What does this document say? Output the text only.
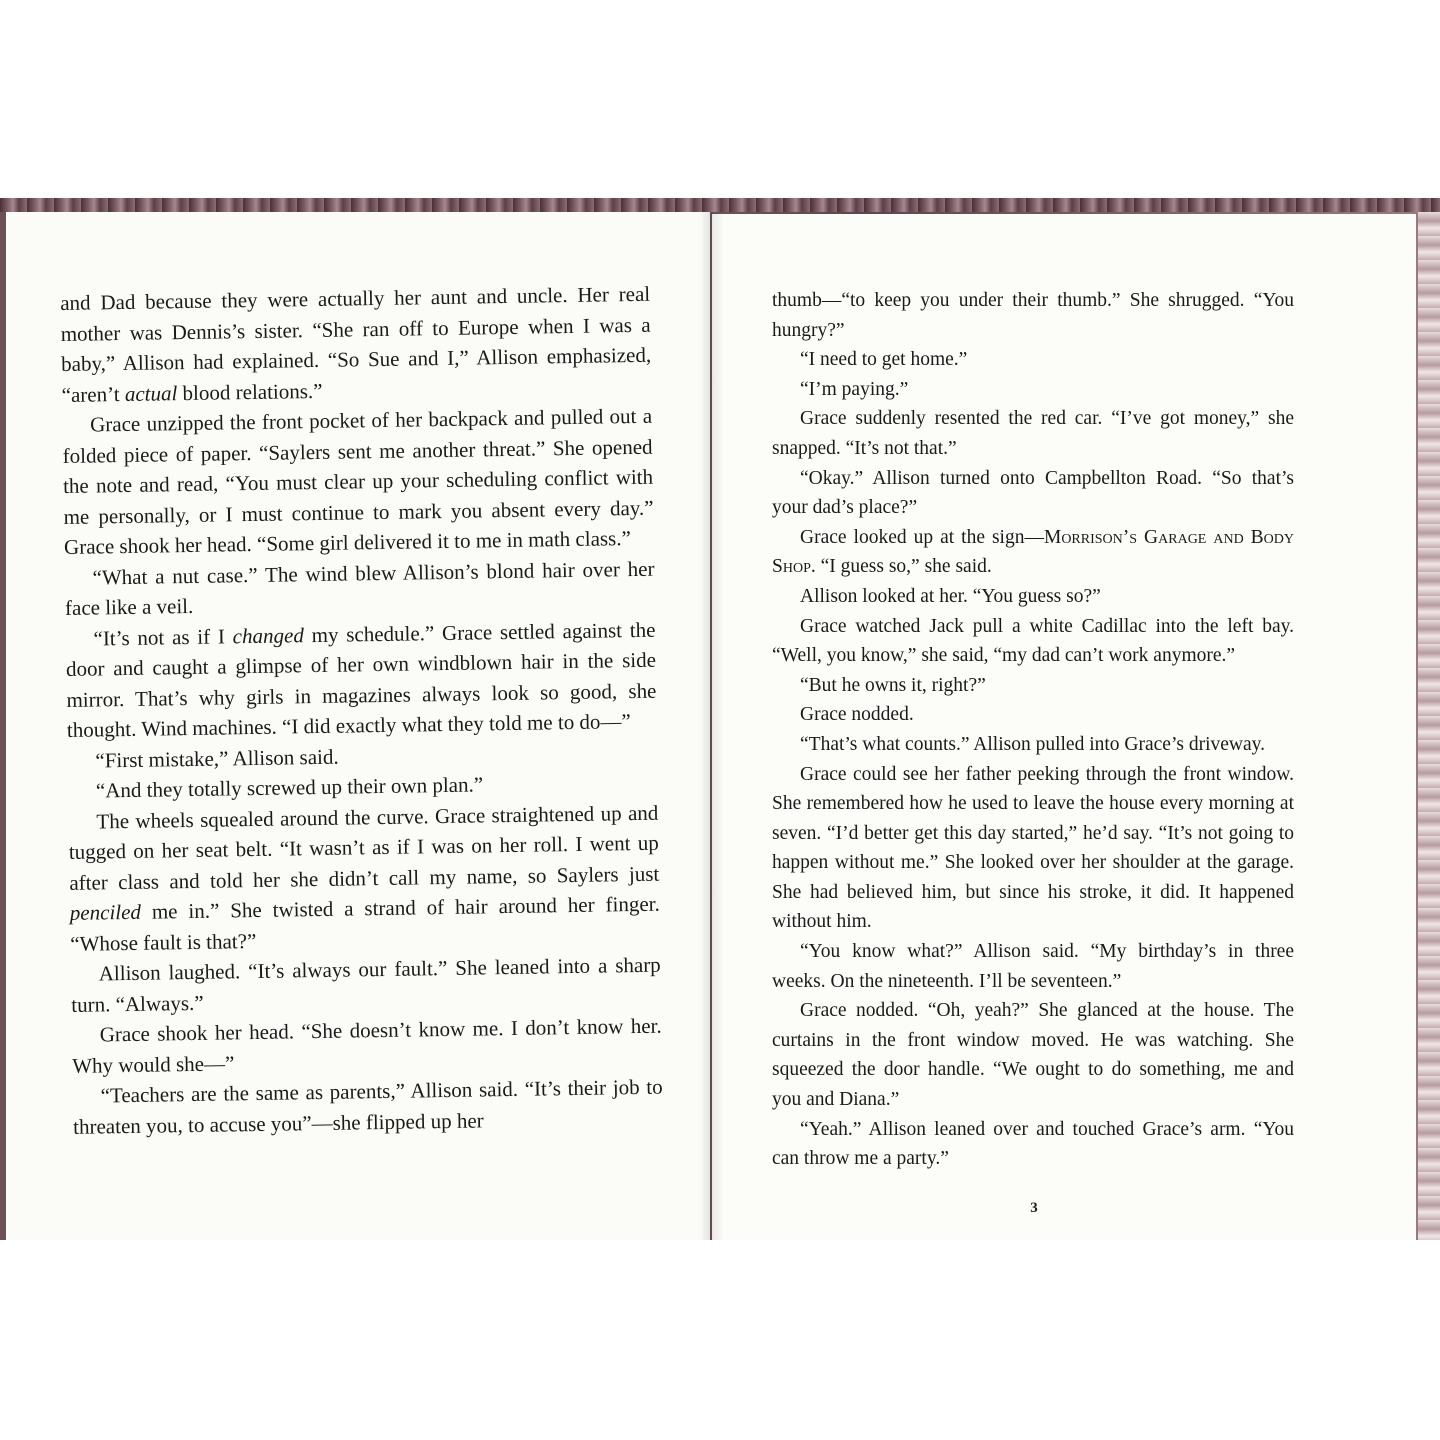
and Dad because they were actually her aunt and uncle. Her real mother was Dennis’s sister. “She ran off to Europe when I was a baby,” Allison had explained. “So Sue and I,” Allison emphasized, “aren’t actual blood relations.”

Grace unzipped the front pocket of her backpack and pulled out a folded piece of paper. “Saylers sent me another threat.” She opened the note and read, “You must clear up your scheduling conflict with me personally, or I must continue to mark you absent every day.” Grace shook her head. “Some girl delivered it to me in math class.”

“What a nut case.” The wind blew Allison’s blond hair over her face like a veil.

“It’s not as if I changed my schedule.” Grace settled against the door and caught a glimpse of her own windblown hair in the side mirror. That’s why girls in magazines always look so good, she thought. Wind machines. “I did exactly what they told me to do—”

“First mistake,” Allison said.

“And they totally screwed up their own plan.”

The wheels squealed around the curve. Grace straightened up and tugged on her seat belt. “It wasn’t as if I was on her roll. I went up after class and told her she didn’t call my name, so Saylers just penciled me in.” She twisted a strand of hair around her finger. “Whose fault is that?”

Allison laughed. “It’s always our fault.” She leaned into a sharp turn. “Always.”

Grace shook her head. “She doesn’t know me. I don’t know her. Why would she—”

“Teachers are the same as parents,” Allison said. “It’s their job to threaten you, to accuse you”—she flipped up her

thumb—“to keep you under their thumb.” She shrugged. “You hungry?”

“I need to get home.”

“I’m paying.”

Grace suddenly resented the red car. “I’ve got money,” she snapped. “It’s not that.”

“Okay.” Allison turned onto Campbellton Road. “So that’s your dad’s place?”

Grace looked up at the sign—Morrison’s Garage and Body Shop. “I guess so,” she said.

Allison looked at her. “You guess so?”

Grace watched Jack pull a white Cadillac into the left bay. “Well, you know,” she said, “my dad can’t work anymore.”

“But he owns it, right?”

Grace nodded.

“That’s what counts.” Allison pulled into Grace’s driveway.

Grace could see her father peeking through the front window. She remembered how he used to leave the house every morning at seven. “I’d better get this day started,” he’d say. “It’s not going to happen without me.” She looked over her shoulder at the garage. She had believed him, but since his stroke, it did. It happened without him.

“You know what?” Allison said. “My birthday’s in three weeks. On the nineteenth. I’ll be seventeen.”

Grace nodded. “Oh, yeah?” She glanced at the house. The curtains in the front window moved. He was watching. She squeezed the door handle. “We ought to do something, me and you and Diana.”

“Yeah.” Allison leaned over and touched Grace’s arm. “You can throw me a party.”

3
